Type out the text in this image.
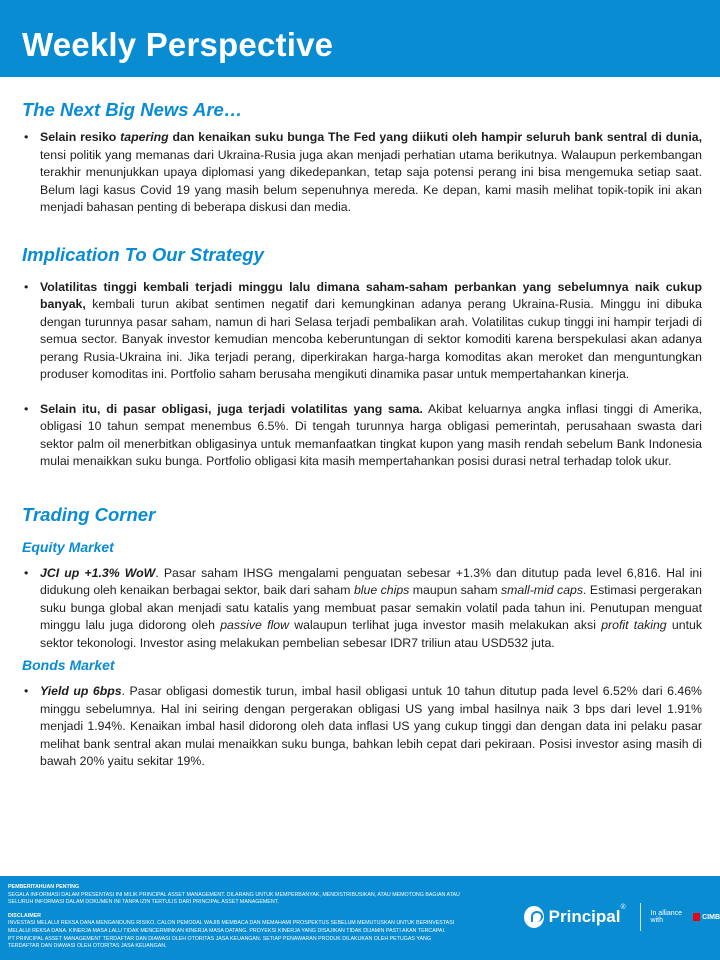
Weekly Perspective
The Next Big News Are…
• Selain resiko tapering dan kenaikan suku bunga The Fed yang diikuti oleh hampir seluruh bank sentral di dunia, tensi politik yang memanas dari Ukraina-Rusia juga akan menjadi perhatian utama berikutnya. Walaupun perkembangan terakhir menunjukkan upaya diplomasi yang dikedepankan, tetap saja potensi perang ini bisa mengemuka setiap saat. Belum lagi kasus Covid 19 yang masih belum sepenuhnya mereda. Ke depan, kami masih melihat topik-topik ini akan menjadi bahasan penting di beberapa diskusi dan media.
Implication To Our Strategy
• Volatilitas tinggi kembali terjadi minggu lalu dimana saham-saham perbankan yang sebelumnya naik cukup banyak, kembali turun akibat sentimen negatif dari kemungkinan adanya perang Ukraina-Rusia. Minggu ini dibuka dengan turunnya pasar saham, namun di hari Selasa terjadi pembalikan arah. Volatilitas cukup tinggi ini hampir terjadi di semua sector. Banyak investor kemudian mencoba keberuntungan di sektor komoditi karena berspekulasi akan adanya perang Rusia-Ukraina ini. Jika terjadi perang, diperkirakan harga-harga komoditas akan meroket dan menguntungkan produser komoditas ini. Portfolio saham berusaha mengikuti dinamika pasar untuk mempertahankan kinerja.
• Selain itu, di pasar obligasi, juga terjadi volatilitas yang sama. Akibat keluarnya angka inflasi tinggi di Amerika, obligasi 10 tahun sempat menembus 6.5%. Di tengah turunnya harga obligasi pemerintah, perusahaan swasta dari sektor palm oil menerbitkan obligasinya untuk memanfaatkan tingkat kupon yang masih rendah sebelum Bank Indonesia mulai menaikkan suku bunga. Portfolio obligasi kita masih mempertahankan posisi durasi netral terhadap tolok ukur.
Trading Corner
Equity Market
• JCI up +1.3% WoW. Pasar saham IHSG mengalami penguatan sebesar +1.3% dan ditutup pada level 6,816. Hal ini didukung oleh kenaikan berbagai sektor, baik dari saham blue chips maupun saham small-mid caps. Estimasi pergerakan suku bunga global akan menjadi satu katalis yang membuat pasar semakin volatil pada tahun ini. Penutupan menguat minggu lalu juga didorong oleh passive flow walaupun terlihat juga investor masih melakukan aksi profit taking untuk sektor tekonologi. Investor asing melakukan pembelian sebesar IDR7 triliun atau USD532 juta.
Bonds Market
• Yield up 6bps. Pasar obligasi domestik turun, imbal hasil obligasi untuk 10 tahun ditutup pada level 6.52% dari 6.46% minggu sebelumnya. Hal ini seiring dengan pergerakan obligasi US yang imbal hasilnya naik 3 bps dari level 1.91% menjadi 1.94%. Kenaikan imbal hasil didorong oleh data inflasi US yang cukup tinggi dan dengan data ini pelaku pasar melihat bank sentral akan mulai menaikkan suku bunga, bahkan lebih cepat dari pekiraan. Posisi investor asing masih di bawah 20% yaitu sekitar 19%.
PEMBERITAHUAN PENTING
SEGALA INFORMASI DALAM PRESENTASI INI MILIK PRINCIPAL ASSET MANAGEMENT. DILARANG UNTUK MEMPERBANYAK, MENDISTRIBUSIKAN, ATAU MEMOTONG BAGIAN ATAU
SELURUH INFORMASI DALAM DOKUMEN INI TANPA IZIN TERTULIS DARI PRINCIPAL ASSET MANAGEMENT.
DISCLAIMER
INVESTASI MELALUI REKSA DANA MENGANDUNG RISIKO. CALON PEMODAL WAJIB MEMBACA DAN MEMAHAMI PROSPEKTUS SEBELUM MEMUTUSKAN UNTUK BERINVESTASI
MELALUI REKSA DANA. KINERJA MASA LALU TIDAK MENCERMINKAN KINERJA MASA DATANG. PROYEKSI KINERJA YANG DISAJIKAN TIDAK DIJAMIN PASTI AKAN TERCAPAI.
PT PRINCIPAL ASSET MANAGEMENT TERDAFTAR DAN DIAWASI OLEH OTORITAS JASA KEUANGAN. SETIAP PENAWARAN PRODUK DILAKUKAN OLEH PETUGAS YANG
TERDAFTAR DAN DIAWASI OLEH OTORITAS JASA KEUANGAN.
Principal ®
In alliance with	CIMB
